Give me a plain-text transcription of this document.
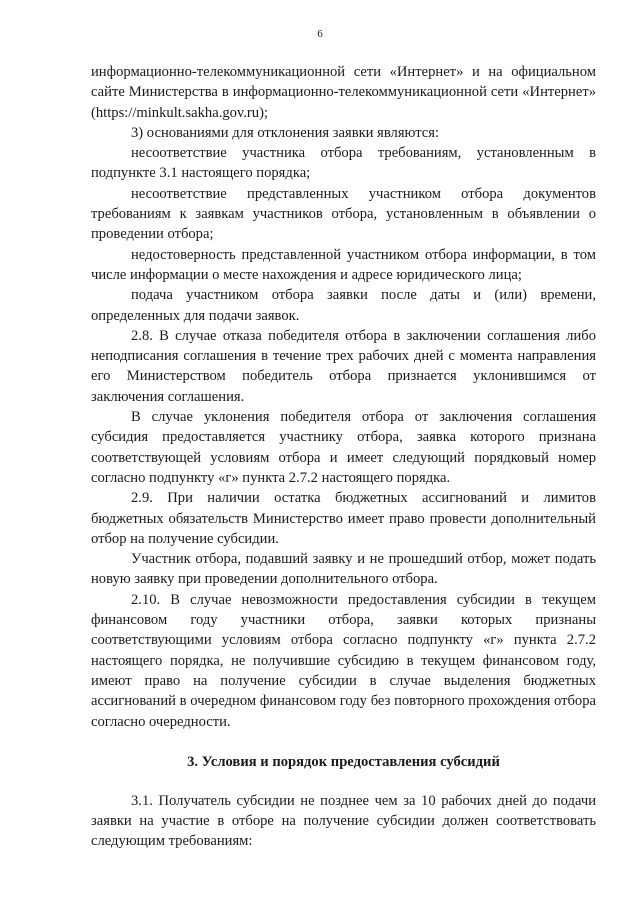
6

информационно-телекоммуникационной сети «Интернет» и на официальном сайте Министерства в информационно-телекоммуникационной сети «Интернет» (https://minkult.sakha.gov.ru);

3) основаниями для отклонения заявки являются:

несоответствие участника отбора требованиям, установленным в подпункте 3.1 настоящего порядка;

несоответствие представленных участником отбора документов требованиям к заявкам участников отбора, установленным в объявлении о проведении отбора;

недостоверность представленной участником отбора информации, в том числе информации о месте нахождения и адресе юридического лица;

подача участником отбора заявки после даты и (или) времени, определенных для подачи заявок.

2.8. В случае отказа победителя отбора в заключении соглашения либо неподписания соглашения в течение трех рабочих дней с момента направления его Министерством победитель отбора признается уклонившимся от заключения соглашения.

В случае уклонения победителя отбора от заключения соглашения субсидия предоставляется участнику отбора, заявка которого признана соответствующей условиям отбора и имеет следующий порядковый номер согласно подпункту «г» пункта 2.7.2 настоящего порядка.

2.9. При наличии остатка бюджетных ассигнований и лимитов бюджетных обязательств Министерство имеет право провести дополнительный отбор на получение субсидии.

Участник отбора, подавший заявку и не прошедший отбор, может подать новую заявку при проведении дополнительного отбора.

2.10. В случае невозможности предоставления субсидии в текущем финансовом году участники отбора, заявки которых признаны соответствующими условиям отбора согласно подпункту «г» пункта 2.7.2 настоящего порядка, не получившие субсидию в текущем финансовом году, имеют право на получение субсидии в случае выделения бюджетных ассигнований в очередном финансовом году без повторного прохождения отбора согласно очередности.

3. Условия и порядок предоставления субсидий

3.1. Получатель субсидии не позднее чем за 10 рабочих дней до подачи заявки на участие в отборе на получение субсидии должен соответствовать следующим требованиям:
